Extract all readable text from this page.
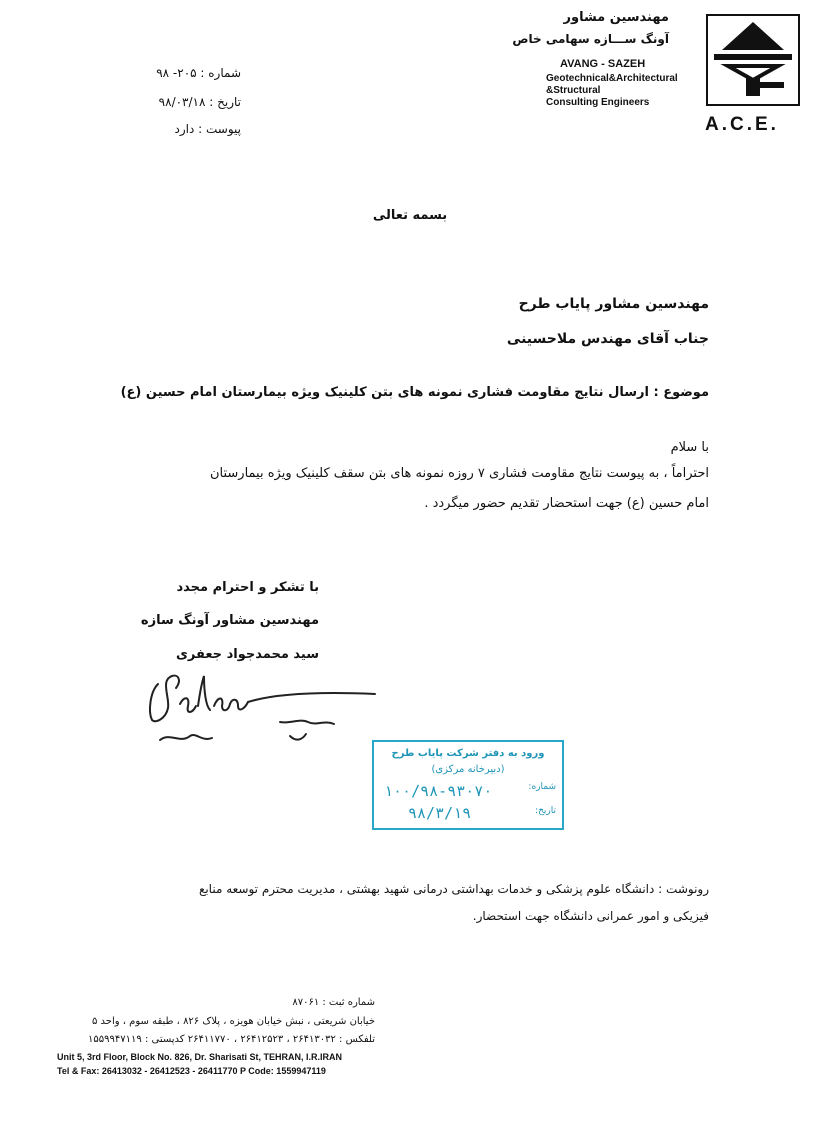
مهندسین مشاور
آونگ ســـازه سهامی خاص
AVANG - SAZEH
Geotechnical&Architectural
&Structural
Consulting Engineers
A.C.E.
شماره : ۲۰۵- ۹۸
تاریخ : ۹۸/۰۳/۱۸
پیوست : دارد
بسمه تعالی
مهندسین مشاور پایاب طرح
جناب آقای مهندس ملاحسینی
موضوع : ارسال نتایج مقاومت فشاری نمونه های بتن کلینیک ویژه بیمارستان امام حسین (ع)
با سلام
احتراماً ، به پیوست نتایج مقاومت فشاری ۷ روزه نمونه های بتن سقف کلینیک ویژه بیمارستان
امام حسین (ع) جهت استحضار تقدیم حضور میگردد .
با تشکر و احترام مجدد
مهندسین مشاور آونگ سازه
سید محمدجواد جعفری
ورود به دفتر شرکت پایاب طرح
(دبیرخانه مرکزی)
شماره:
۱۰۰/۹۸-۹۳۰۷۰
تاریخ:
۹۸/۳/۱۹
رونوشت : دانشگاه علوم پزشکی و خدمات بهداشتی درمانی شهید بهشتی ، مدیریت محترم توسعه منابع
فیزیکی و امور عمرانی دانشگاه جهت استحضار.
شماره ثبت : ۸۷۰۶۱
خیابان شریعتی ، نبش خیابان هویزه ، پلاک ۸۲۶ ، طبقه سوم ، واحد ۵
تلفکس : ۲۶۴۱۳۰۳۲ ، ۲۶۴۱۲۵۲۳ ، ۲۶۴۱۱۷۷۰ کدپستی : ۱۵۵۹۹۴۷۱۱۹
Unit 5, 3rd Floor, Block No. 826, Dr. Sharisati St, TEHRAN, I.R.IRAN
Tel & Fax: 26413032 - 26412523 - 26411770 P Code: 1559947119
